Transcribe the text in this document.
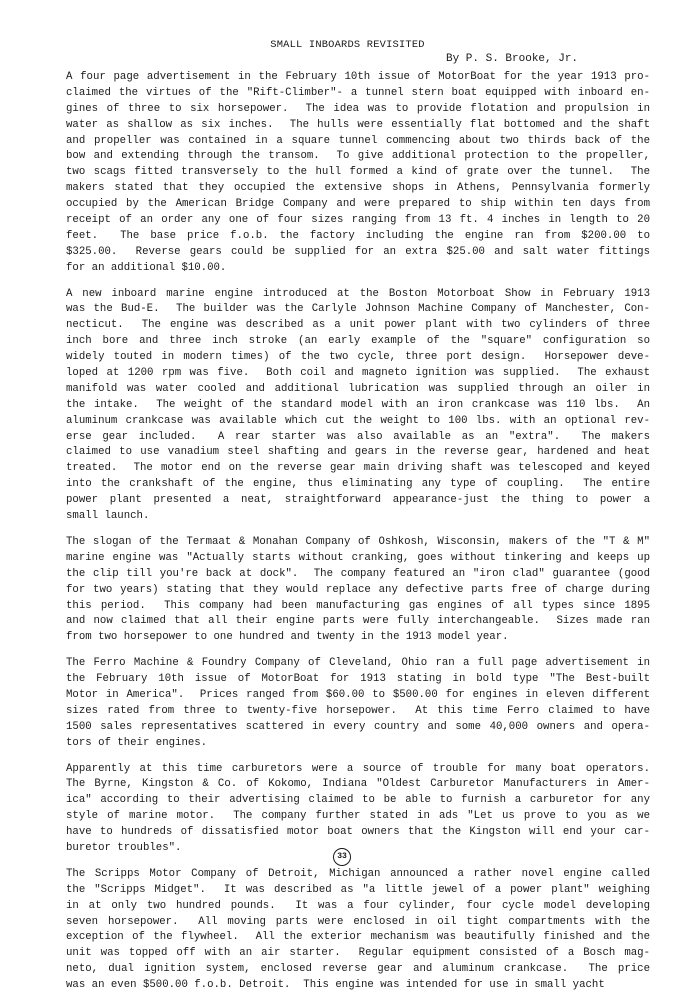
SMALL INBOARDS REVISITED
By P. S. Brooke, Jr.
A four page advertisement in the February 10th issue of MotorBoat for the year 1913 pro-
claimed the virtues of the "Rift-Climber"- a tunnel stern boat equipped with inboard en-
gines of three to six horsepower.  The idea was to provide flotation and propulsion in
water as shallow as six inches.  The hulls were essentially flat bottomed and the shaft
and propeller was contained in a square tunnel commencing about two thirds back of the
bow and extending through the transom.  To give additional protection to the propeller,
two scags fitted transversely to the hull formed a kind of grate over the tunnel.  The
makers stated that they occupied the extensive shops in Athens, Pennsylvania formerly
occupied by the American Bridge Company and were prepared to ship within ten days from
receipt of an order any one of four sizes ranging from 13 ft. 4 inches in length to 20
feet.  The base price f.o.b. the factory including the engine ran from $200.00 to
$325.00.  Reverse gears could be supplied for an extra $25.00 and salt water fittings
for an additional $10.00.
A new inboard marine engine introduced at the Boston Motorboat Show in February 1913
was the Bud-E.  The builder was the Carlyle Johnson Machine Company of Manchester, Con-
necticut.  The engine was described as a unit power plant with two cylinders of three
inch bore and three inch stroke (an early example of the "square" configuration so
widely touted in modern times) of the two cycle, three port design.  Horsepower deve-
loped at 1200 rpm was five.  Both coil and magneto ignition was supplied.  The exhaust
manifold was water cooled and additional lubrication was supplied through an oiler in
the intake.  The weight of the standard model with an iron crankcase was 110 lbs.  An
aluminum crankcase was available which cut the weight to 100 lbs. with an optional rev-
erse gear included.  A rear starter was also available as an "extra".  The makers
claimed to use vanadium steel shafting and gears in the reverse gear, hardened and heat
treated.  The motor end on the reverse gear main driving shaft was telescoped and keyed
into the crankshaft of the engine, thus eliminating any type of coupling.  The entire
power plant presented a neat, straightforward appearance-just the thing to power a
small launch.
The slogan of the Termaat & Monahan Company of Oshkosh, Wisconsin, makers of the "T & M"
marine engine was "Actually starts without cranking, goes without tinkering and keeps up
the clip till you're back at dock".  The company featured an "iron clad" guarantee (good
for two years) stating that they would replace any defective parts free of charge during
this period.  This company had been manufacturing gas engines of all types since 1895
and now claimed that all their engine parts were fully interchangeable.  Sizes made ran
from two horsepower to one hundred and twenty in the 1913 model year.
The Ferro Machine & Foundry Company of Cleveland, Ohio ran a full page advertisement in
the February 10th issue of MotorBoat for 1913 stating in bold type "The Best-built
Motor in America".  Prices ranged from $60.00 to $500.00 for engines in eleven different
sizes rated from three to twenty-five horsepower.  At this time Ferro claimed to have
1500 sales representatives scattered in every country and some 40,000 owners and opera-
tors of their engines.
Apparently at this time carburetors were a source of trouble for many boat operators.
The Byrne, Kingston & Co. of Kokomo, Indiana "Oldest Carburetor Manufacturers in Amer-
ica" according to their advertising claimed to be able to furnish a carburetor for any
style of marine motor.  The company further stated in ads "Let us prove to you as we
have to hundreds of dissatisfied motor boat owners that the Kingston will end your car-
buretor troubles".
The Scripps Motor Company of Detroit, Michigan announced a rather novel engine called
the "Scripps Midget".  It was described as "a little jewel of a power plant" weighing
in at only two hundred pounds.  It was a four cylinder, four cycle model developing
seven horsepower.  All moving parts were enclosed in oil tight compartments with the
exception of the flywheel.  All the exterior mechanism was beautifully finished and the
unit was topped off with an air starter.  Regular equipment consisted of a Bosch mag-
neto, dual ignition system, enclosed reverse gear and aluminum crankcase.  The price
was an even $500.00 f.o.b. Detroit.  This engine was intended for use in small yacht
33
